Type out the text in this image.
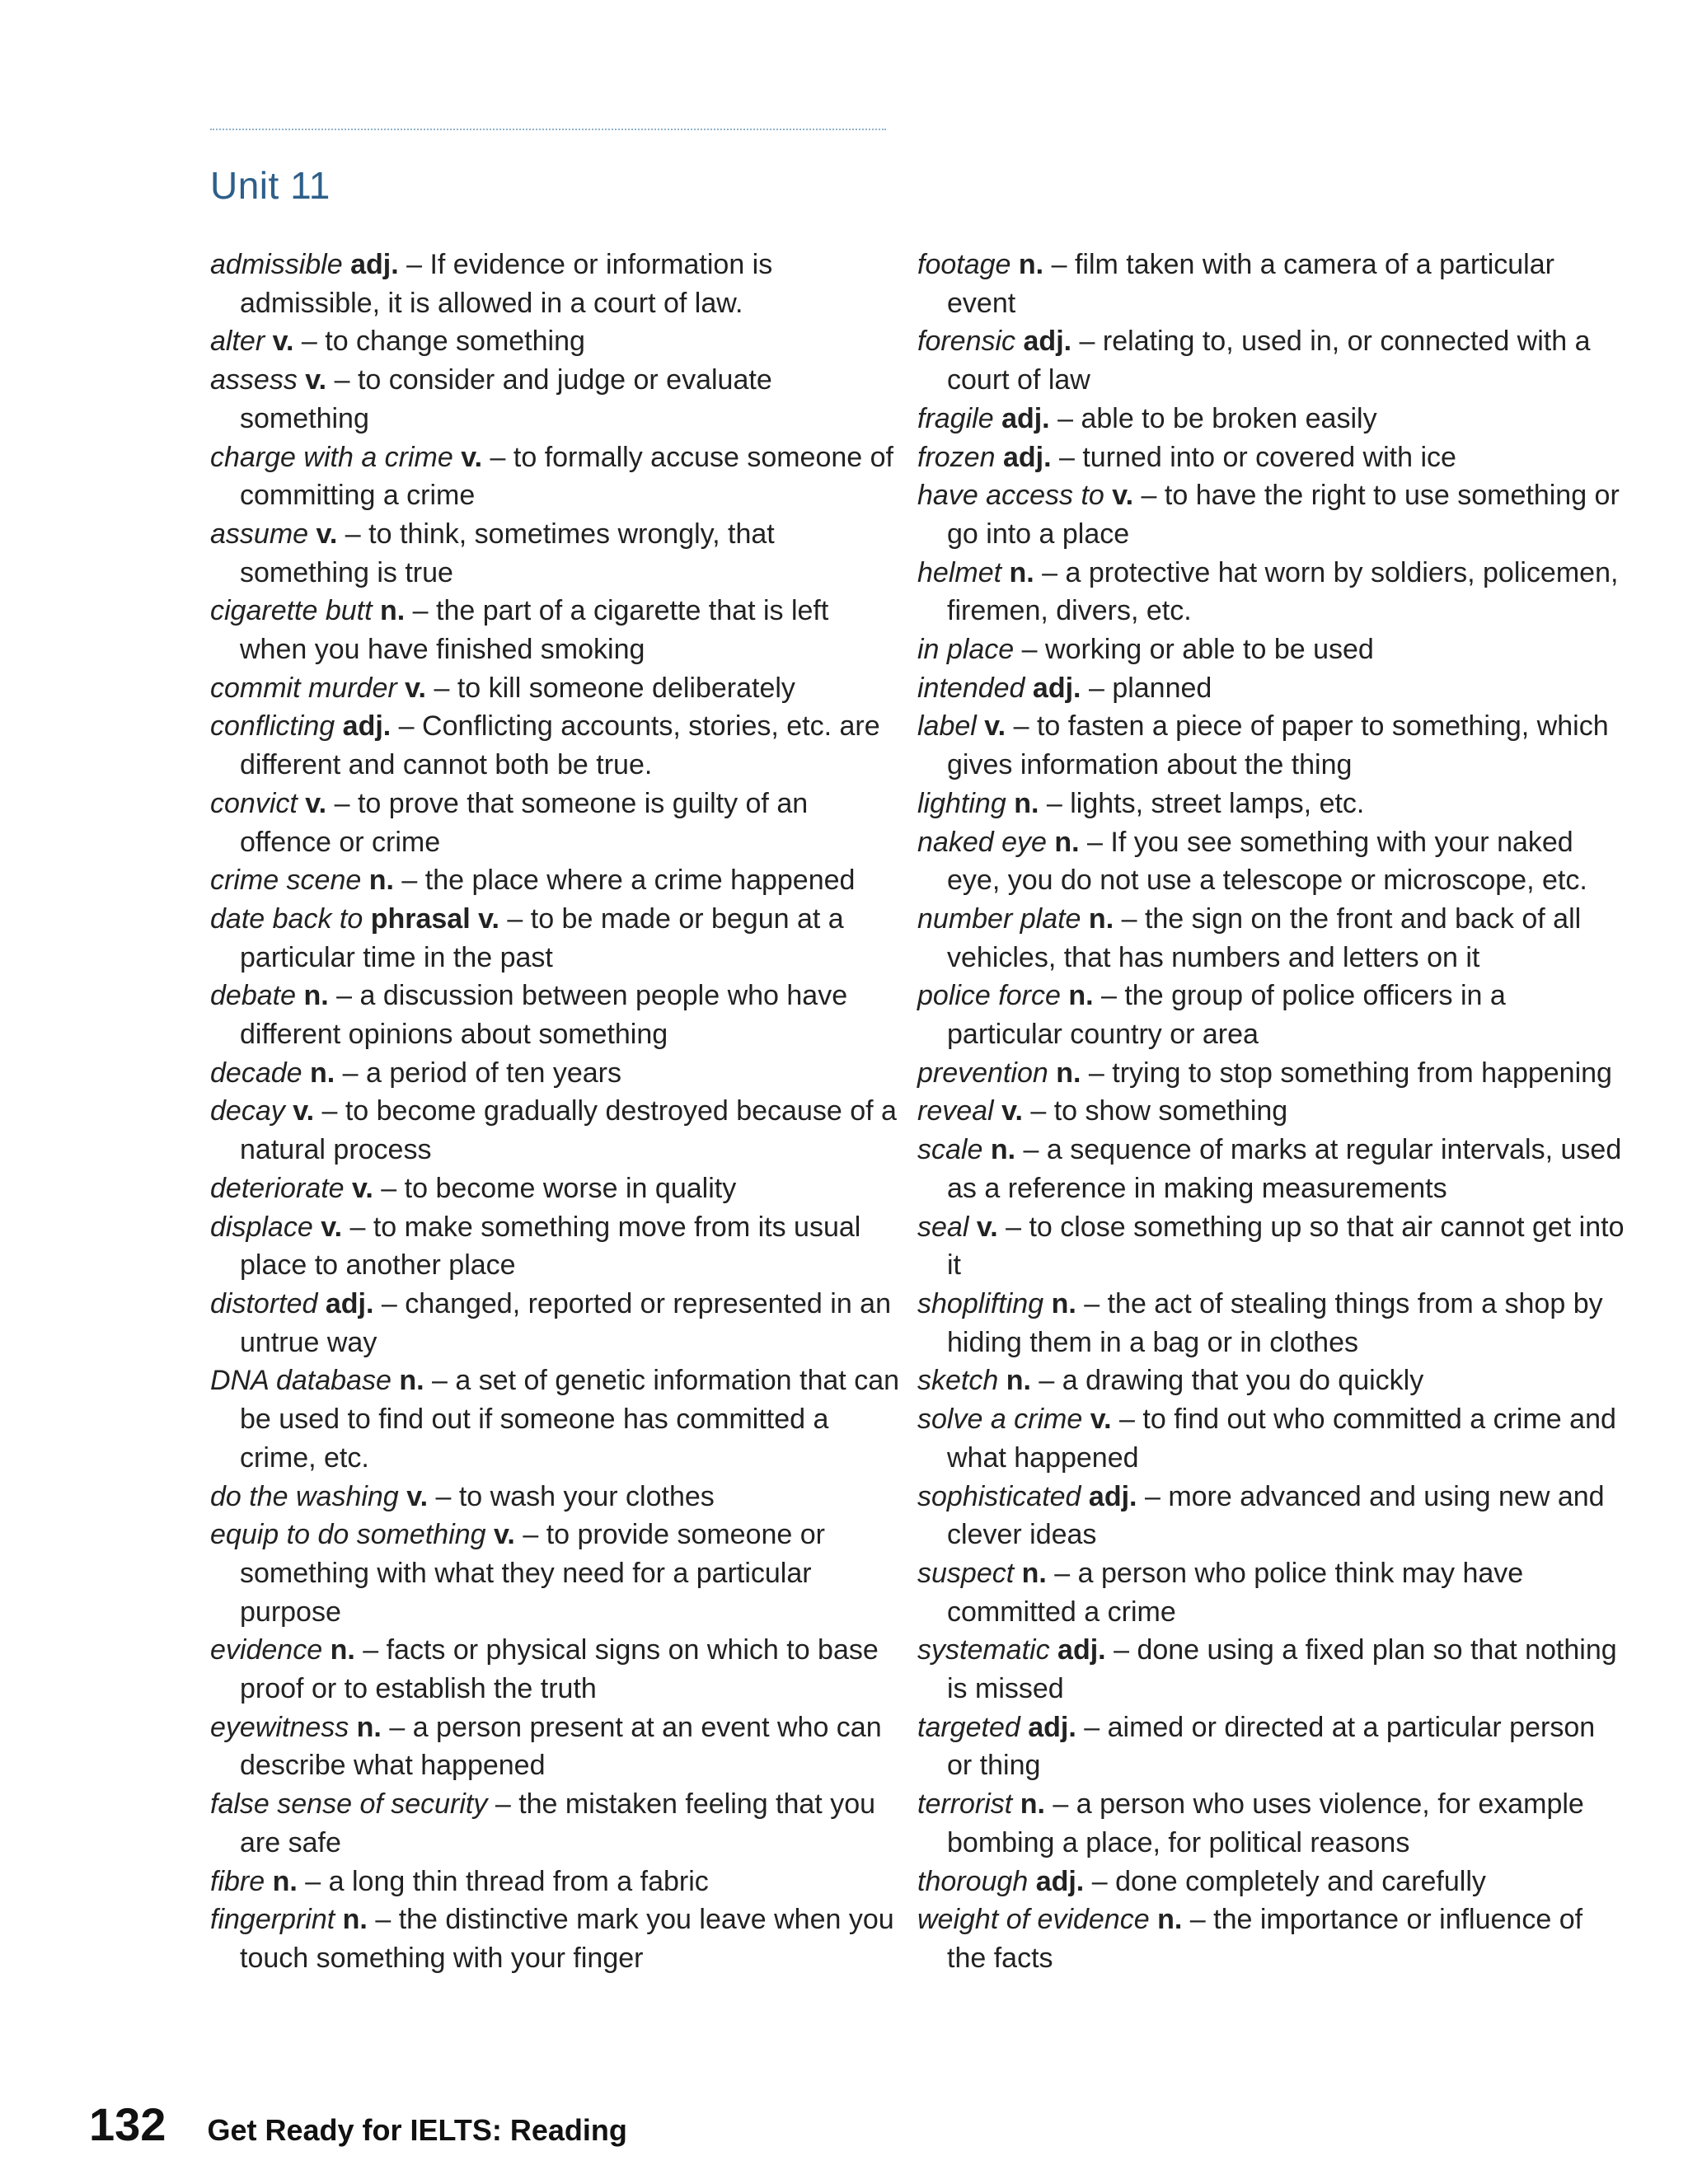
Unit 11

admissible adj. – If evidence or information is admissible, it is allowed in a court of law.

alter v. – to change something

assess v. – to consider and judge or evaluate something

charge with a crime v. – to formally accuse someone of committing a crime

assume v. – to think, sometimes wrongly, that something is true

cigarette butt n. – the part of a cigarette that is left when you have finished smoking

commit murder v. – to kill someone deliberately

conflicting adj. – Conflicting accounts, stories, etc. are different and cannot both be true.

convict v. – to prove that someone is guilty of an offence or crime

crime scene n. – the place where a crime happened

date back to phrasal v. – to be made or begun at a particular time in the past

debate n. – a discussion between people who have different opinions about something

decade n. – a period of ten years

decay v. – to become gradually destroyed because of a natural process

deteriorate v. – to become worse in quality

displace v. – to make something move from its usual place to another place

distorted adj. – changed, reported or represented in an untrue way

DNA database n. – a set of genetic information that can be used to find out if someone has committed a crime, etc.

do the washing v. – to wash your clothes

equip to do something v. – to provide someone or something with what they need for a particular purpose

evidence n. – facts or physical signs on which to base proof or to establish the truth

eyewitness n. – a person present at an event who can describe what happened

false sense of security – the mistaken feeling that you are safe

fibre n. – a long thin thread from a fabric

fingerprint n. – the distinctive mark you leave when you touch something with your finger

footage n. – film taken with a camera of a particular event

forensic adj. – relating to, used in, or connected with a court of law

fragile adj. – able to be broken easily

frozen adj. – turned into or covered with ice

have access to v. – to have the right to use something or go into a place

helmet n. – a protective hat worn by soldiers, policemen, firemen, divers, etc.

in place – working or able to be used

intended adj. – planned

label v. – to fasten a piece of paper to something, which gives information about the thing

lighting n. – lights, street lamps, etc.

naked eye n. – If you see something with your naked eye, you do not use a telescope or microscope, etc.

number plate n. – the sign on the front and back of all vehicles, that has numbers and letters on it

police force n. – the group of police officers in a particular country or area

prevention n. – trying to stop something from happening

reveal v. – to show something

scale n. – a sequence of marks at regular intervals, used as a reference in making measurements

seal v. – to close something up so that air cannot get into it

shoplifting n. – the act of stealing things from a shop by hiding them in a bag or in clothes

sketch n. – a drawing that you do quickly

solve a crime v. – to find out who committed a crime and what happened

sophisticated adj. – more advanced and using new and clever ideas

suspect n. – a person who police think may have committed a crime

systematic adj. – done using a fixed plan so that nothing is missed

targeted adj. – aimed or directed at a particular person or thing

terrorist n. – a person who uses violence, for example bombing a place, for political reasons

thorough adj. – done completely and carefully

weight of evidence n. – the importance or influence of the facts

132 Get Ready for IELTS: Reading
